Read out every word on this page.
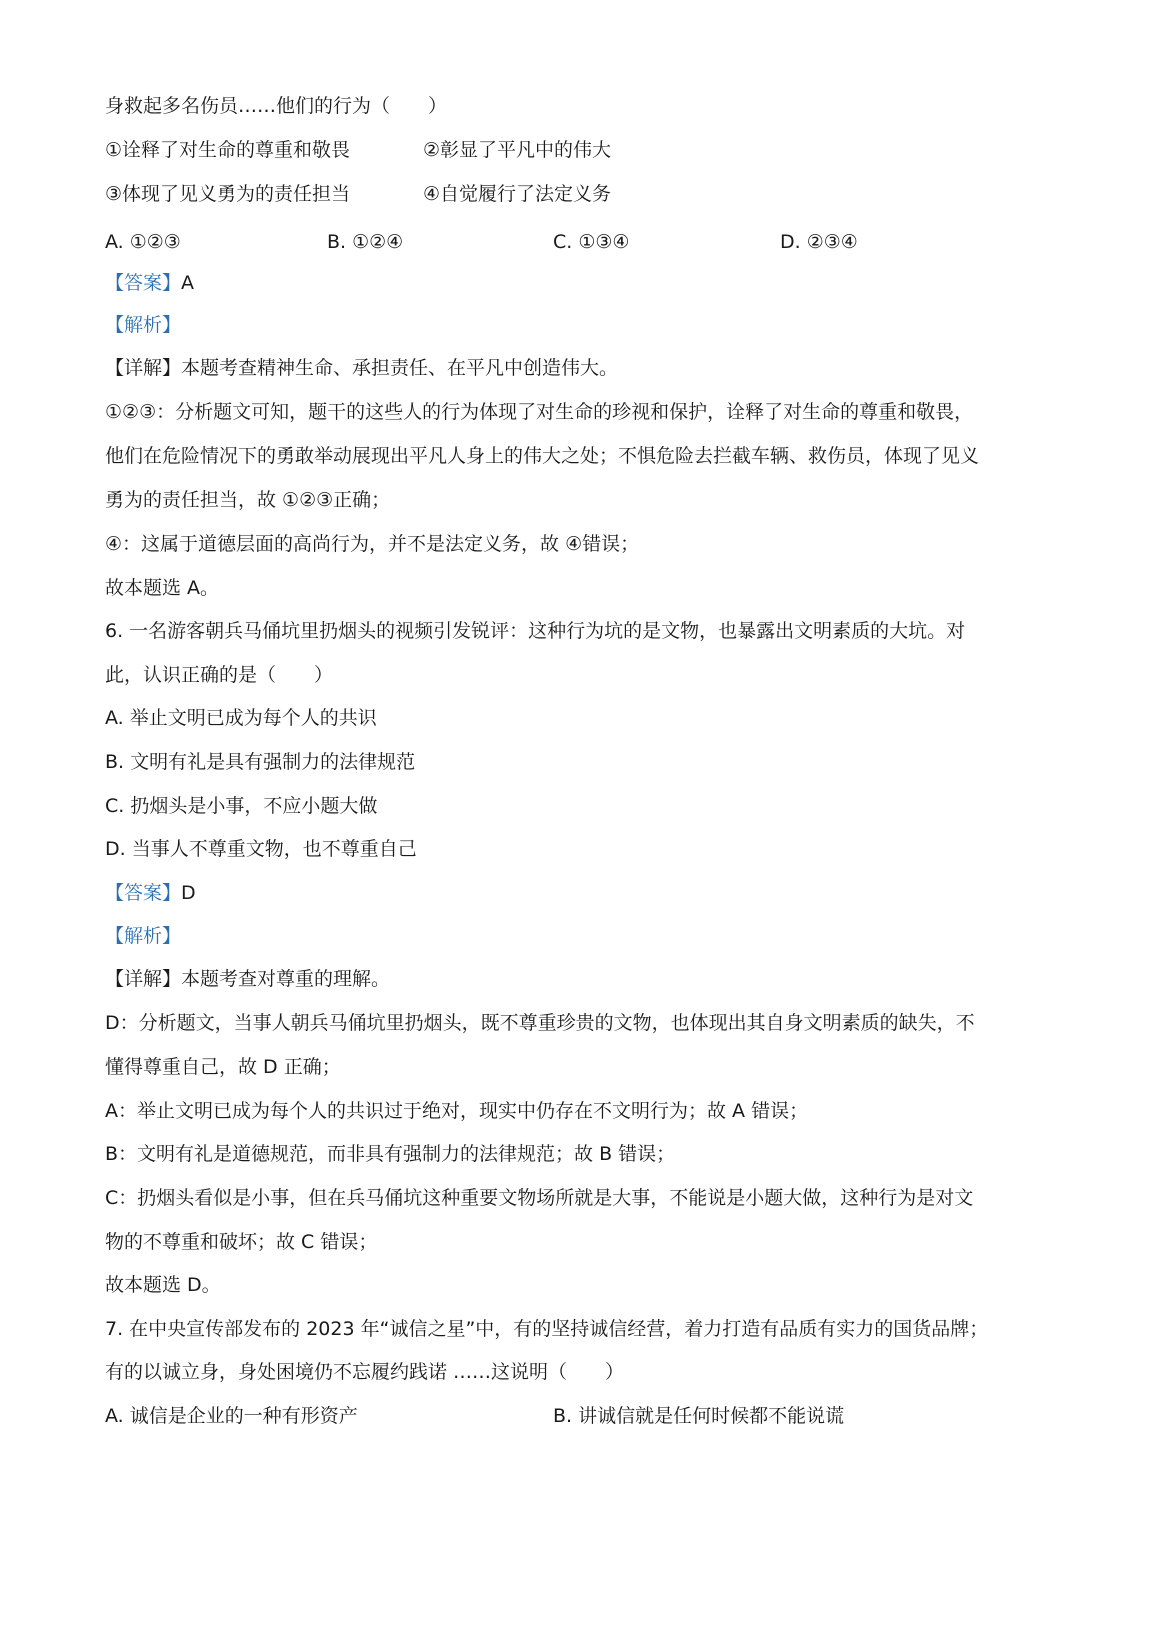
身救起多名伤员……他们的行为（　　）
①诠释了对生命的尊重和敬畏	②彰显了平凡中的伟大
③体现了见义勇为的责任担当	④自觉履行了法定义务
A. ①②③	B. ①②④	C. ①③④	D. ②③④
【答案】A
【解析】
【详解】本题考查精神生命、承担责任、在平凡中创造伟大。
①②③：分析题文可知，题干的这些人的行为体现了对生命的珍视和保护，诠释了对生命的尊重和敬畏，
他们在危险情况下的勇敢举动展现出平凡人身上的伟大之处；不惧危险去拦截车辆、救伤员，体现了见义
勇为的责任担当，故 ①②③正确；
④：这属于道德层面的高尚行为，并不是法定义务，故 ④错误；
故本题选 A。
6. 一名游客朝兵马俑坑里扔烟头的视频引发锐评：这种行为坑的是文物，也暴露出文明素质的大坑。对
此，认识正确的是（　　）
A. 举止文明已成为每个人的共识
B. 文明有礼是具有强制力的法律规范
C. 扔烟头是小事，不应小题大做
D. 当事人不尊重文物，也不尊重自己
【答案】D
【解析】
【详解】本题考查对尊重的理解。
D：分析题文，当事人朝兵马俑坑里扔烟头，既不尊重珍贵的文物，也体现出其自身文明素质的缺失，不
懂得尊重自己，故 D 正确；
A：举止文明已成为每个人的共识过于绝对，现实中仍存在不文明行为；故 A 错误；
B：文明有礼是道德规范，而非具有强制力的法律规范；故 B 错误；
C：扔烟头看似是小事，但在兵马俑坑这种重要文物场所就是大事，不能说是小题大做，这种行为是对文
物的不尊重和破坏；故 C 错误；
故本题选 D。
7. 在中央宣传部发布的 2023 年“诚信之星”中，有的坚持诚信经营，着力打造有品质有实力的国货品牌；
有的以诚立身，身处困境仍不忘履约践诺 ……这说明（　　）
A. 诚信是企业的一种有形资产	B. 讲诚信就是任何时候都不能说谎
